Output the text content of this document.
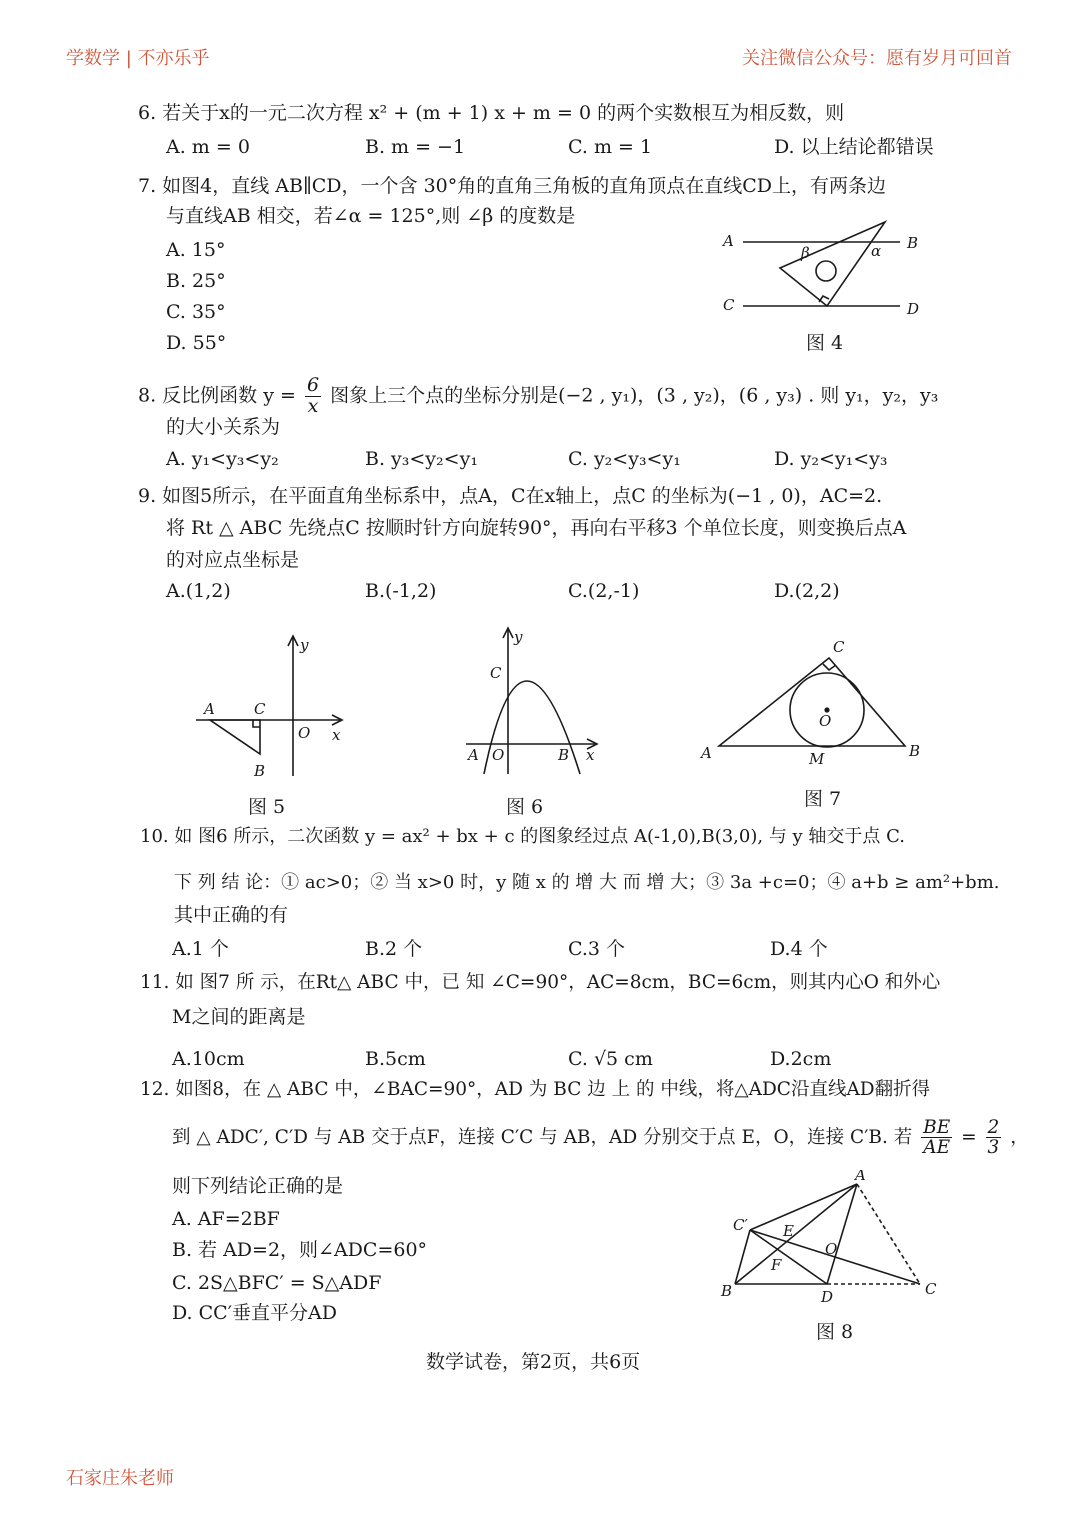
学数学 | 不亦乐乎	关注微信公众号：愿有岁月可回首
6. 若关于x的一元二次方程 x² + (m + 1) x + m = 0 的两个实数根互为相反数，则
A. m = 0	B. m = −1	C. m = 1	D. 以上结论都错误
7. 如图4，直线 AB∥CD，一个含 30°角的直角三角板的直角顶点在直线CD上，有两条边
与直线AB 相交，若∠α = 125°,则 ∠β 的度数是
A. 15°
B. 25°
C. 35°
D. 55°
A	B
C	D
β	α
图 4
8. 反比例函数 $y = \frac{6}{x}$ 图象上三个点的坐标分别是(−2 , y₁)，(3 , y₂)，(6 , y₃) . 则 y₁，y₂，y₃
的大小关系为
A. y₁<y₃<y₂	B. y₃<y₂<y₁	C. y₂<y₃<y₁	D. y₂<y₁<y₃
9. 如图5所示，在平面直角坐标系中，点A，C在x轴上，点C 的坐标为(−1 , 0)，AC=2.
将 Rt △ ABC 先绕点C 按顺时针方向旋转90°，再向右平移3 个单位长度，则变换后点A
的对应点坐标是
A.(1,2)	B.(-1,2)	C.(2,-1)	D.(2,2)
y
A	C
O x
B
图 5
y
C
A O	B x
图 6
C
O
A	M	B
图 7
10. 如 图6 所示，二次函数 y = ax² + bx + c 的图象经过点 A(-1,0),B(3,0), 与 y 轴交于点 C.
下 列 结 论：① ac>0；② 当 x>0 时，y 随 x 的 增 大 而 增 大；③ 3a +c=0；④ a+b ≥ am²+bm.
其中正确的有
A.1 个	B.2 个	C.3 个	D.4 个
11. 如 图7 所 示，在Rt△ ABC 中，已 知 ∠C=90°，AC=8cm，BC=6cm，则其内心O 和外心
M之间的距离是
A.10cm	B.5cm	C. √5 cm	D.2cm
12. 如图8，在 △ ABC 中，∠BAC=90°，AD 为 BC 边 上 的 中线，将△ADC沿直线AD翻折得
到 △ ADC′, C′D 与 AB 交于点F，连接 C′C 与 AB，AD 分别交于点 E，O，连接 C′B. 若 $\frac{BE}{AE} = \frac{2}{3}$ ，
则下列结论正确的是
A. AF=2BF
B. 若 AD=2，则∠ADC=60°
C. 2S△BFC′ = S△ADF
D. CC′垂直平分AD
A
C′ E
O
F
B	D	C
图 8
数学试卷，第2页，共6页
石家庄朱老师
